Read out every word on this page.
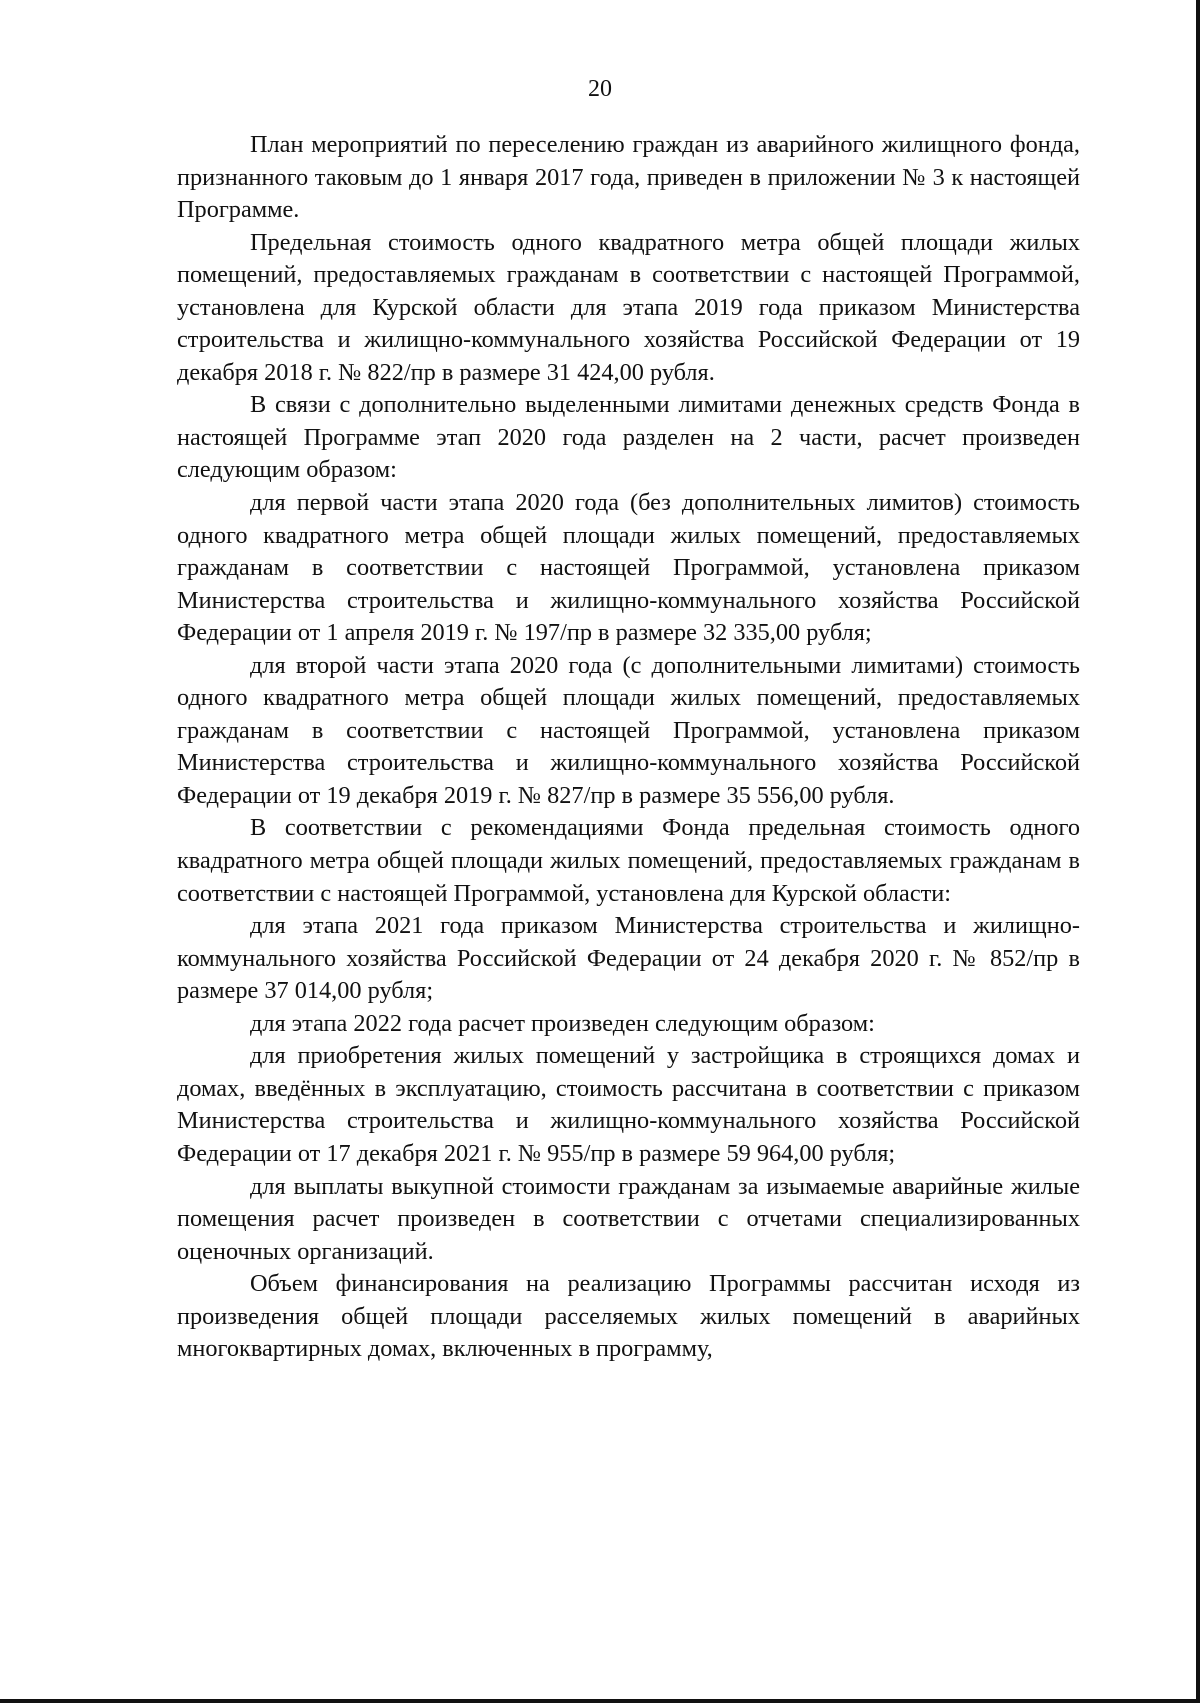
20

План мероприятий по переселению граждан из аварийного жилищного фонда, признанного таковым до 1 января 2017 года, приведен в приложении № 3 к настоящей Программе.

Предельная стоимость одного квадратного метра общей площади жилых помещений, предоставляемых гражданам в соответствии с настоящей Программой, установлена для Курской области для этапа 2019 года приказом Министерства строительства и жилищно-коммунального хозяйства Российской Федерации от 19 декабря 2018 г. № 822/пр в размере 31 424,00 рубля.

В связи с дополнительно выделенными лимитами денежных средств Фонда в настоящей Программе этап 2020 года разделен на 2 части, расчет произведен следующим образом:

для первой части этапа 2020 года (без дополнительных лимитов) стоимость одного квадратного метра общей площади жилых помещений, предоставляемых гражданам в соответствии с настоящей Программой, установлена приказом Министерства строительства и жилищно-коммунального хозяйства Российской Федерации от 1 апреля 2019 г. № 197/пр в размере 32 335,00 рубля;

для второй части этапа 2020 года (с дополнительными лимитами) стоимость одного квадратного метра общей площади жилых помещений, предоставляемых гражданам в соответствии с настоящей Программой, установлена приказом Министерства строительства и жилищно-коммунального хозяйства Российской Федерации от 19 декабря 2019 г. № 827/пр в размере 35 556,00 рубля.

В соответствии с рекомендациями Фонда предельная стоимость одного квадратного метра общей площади жилых помещений, предоставляемых гражданам в соответствии с настоящей Программой, установлена для Курской области:

для этапа 2021 года приказом Министерства строительства и жилищно-коммунального хозяйства Российской Федерации от 24 декабря 2020 г. № 852/пр в размере 37 014,00 рубля;

для этапа 2022 года расчет произведен следующим образом:

для приобретения жилых помещений у застройщика в строящихся домах и домах, введённых в эксплуатацию, стоимость рассчитана в соответствии с приказом Министерства строительства и жилищно-коммунального хозяйства Российской Федерации от 17 декабря 2021 г. № 955/пр в размере 59 964,00 рубля;

для выплаты выкупной стоимости гражданам за изымаемые аварийные жилые помещения расчет произведен в соответствии с отчетами специализированных оценочных организаций.

Объем финансирования на реализацию Программы рассчитан исходя из произведения общей площади расселяемых жилых помещений в аварийных многоквартирных домах, включенных в программу,
